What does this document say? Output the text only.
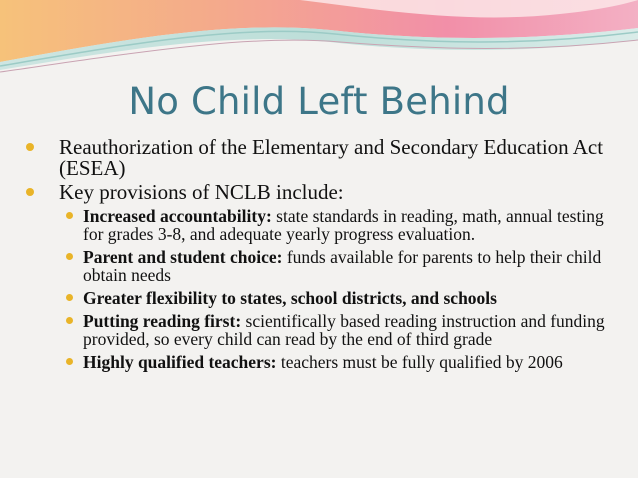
No Child Left Behind
Reauthorization of the Elementary and Secondary Education Act (ESEA)
Key provisions of NCLB include:
Increased accountability: state standards in reading, math, annual testing for grades 3-8, and adequate yearly progress evaluation.
Parent and student choice: funds available for parents to help their child obtain needs
Greater flexibility to states, school districts, and schools
Putting reading first: scientifically based reading instruction and funding provided, so every child can read by the end of third grade
Highly qualified teachers: teachers must be fully qualified by 2006
